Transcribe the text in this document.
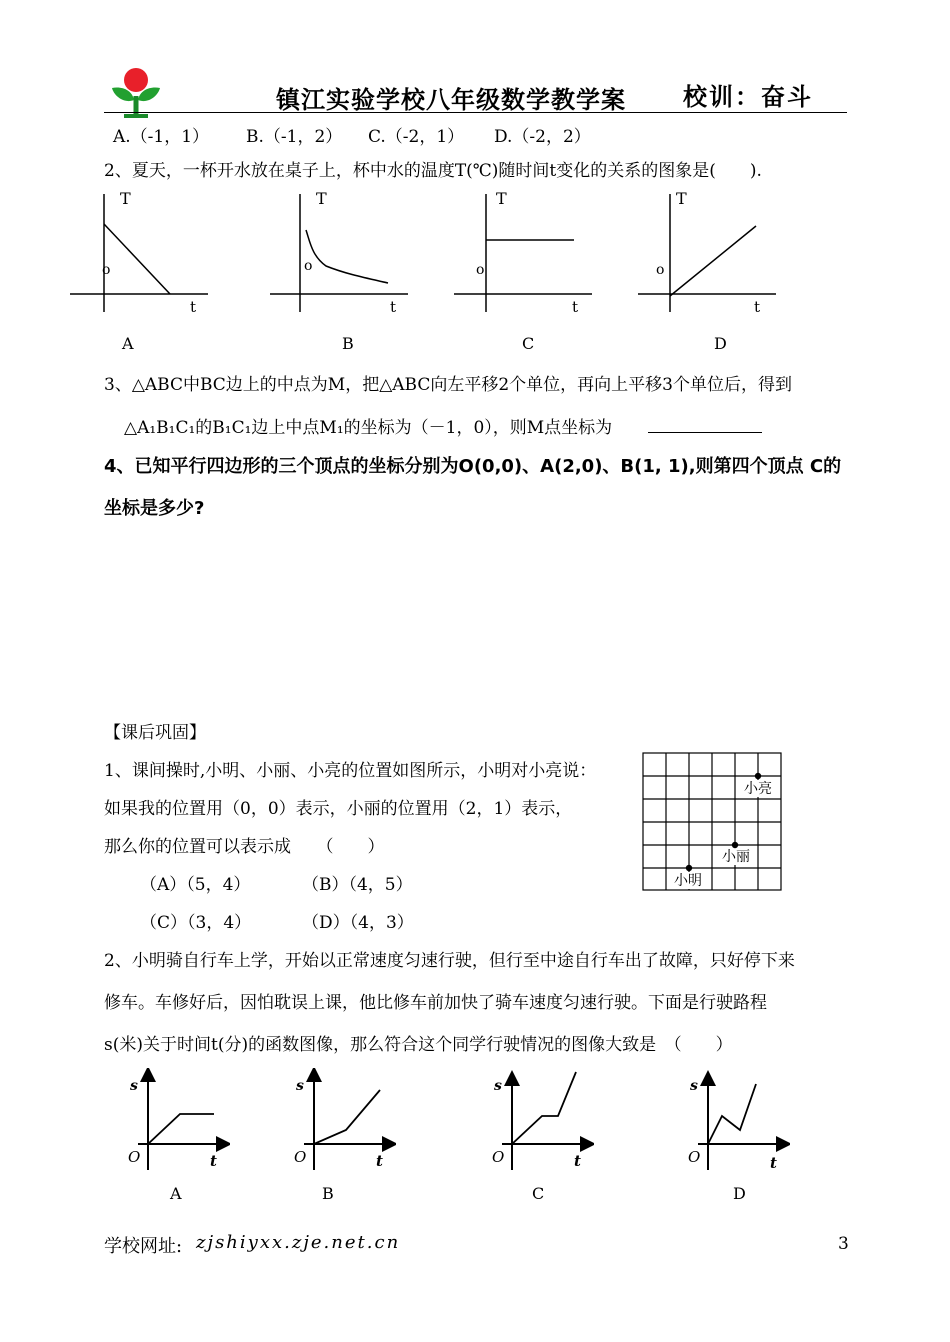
镇江实验学校八年级数学教学案 校训：奋斗
A.（-1，1） B.（-1，2） C.（-2，1） D.（-2，2）
2、夏天，一杯开水放在桌子上，杯中水的温度T(℃)随时间t变化的关系的图象是(　　).
T
o
t
A
T
o
t
B
T
o
t
C
T
o
t
D
3、△ABC中BC边上的中点为M，把△ABC向左平移2个单位，再向上平移3个单位后，得到
△A₁B₁C₁的B₁C₁边上中点M₁的坐标为（－1，0），则M点坐标为
4、已知平行四边形的三个顶点的坐标分别为O(0,0)、A(2,0)、B(1, 1),则第四个顶点 C的
坐标是多少?
【课后巩固】
1、课间操时,小明、小丽、小亮的位置如图所示，小明对小亮说：
如果我的位置用（0，0）表示，小丽的位置用（2，1）表示，
那么你的位置可以表示成　　（　　）
（A）（5，4）	（B）（4，5）
（C）（3，4）	（D）（4，3）
小亮
小丽
小明
2、小明骑自行车上学，开始以正常速度匀速行驶，但行至中途自行车出了故障，只好停下来
修车。车修好后，因怕耽误上课，他比修车前加快了骑车速度匀速行驶。下面是行驶路程
s(米)关于时间t(分)的函数图像，那么符合这个同学行驶情况的图像大致是　（　　）
s
O	t
A
s
O	t
B
s
O	t
C
s
O	t
D
学校网址: zjshiyxx.zje.net.cn	3
